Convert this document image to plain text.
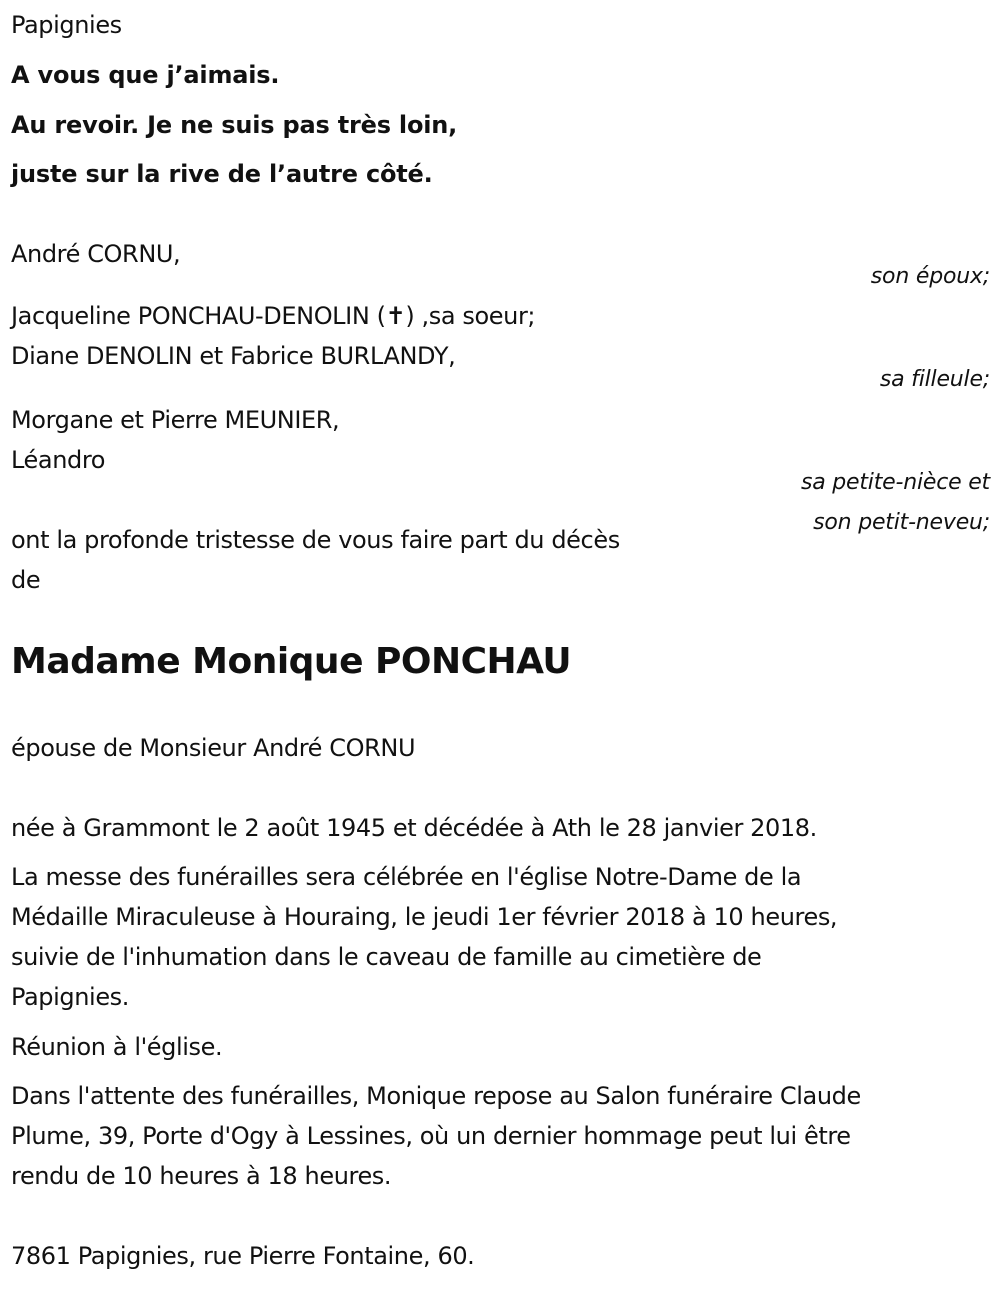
Papignies
A vous que j’aimais.
Au revoir. Je ne suis pas très loin,
juste sur la rive de l’autre côté.
André CORNU,
son époux;
Jacqueline PONCHAU-DENOLIN (✝) ,sa soeur;
Diane DENOLIN et Fabrice BURLANDY,
sa filleule;
Morgane et Pierre MEUNIER,
Léandro
sa petite-nièce et
son petit-neveu;
ont la profonde tristesse de vous faire part du décès
de
Madame Monique PONCHAU
épouse de Monsieur André CORNU
née à Grammont le 2 août 1945 et décédée à Ath le 28 janvier 2018.
La messe des funérailles sera célébrée en l'église Notre-Dame de la
Médaille Miraculeuse à Houraing, le jeudi 1er février 2018 à 10 heures,
suivie de l'inhumation dans le caveau de famille au cimetière de
Papignies.
Réunion à l'église.
Dans l'attente des funérailles, Monique repose au Salon funéraire Claude
Plume, 39, Porte d'Ogy à Lessines, où un dernier hommage peut lui être
rendu de 10 heures à 18 heures.
7861 Papignies, rue Pierre Fontaine, 60.
